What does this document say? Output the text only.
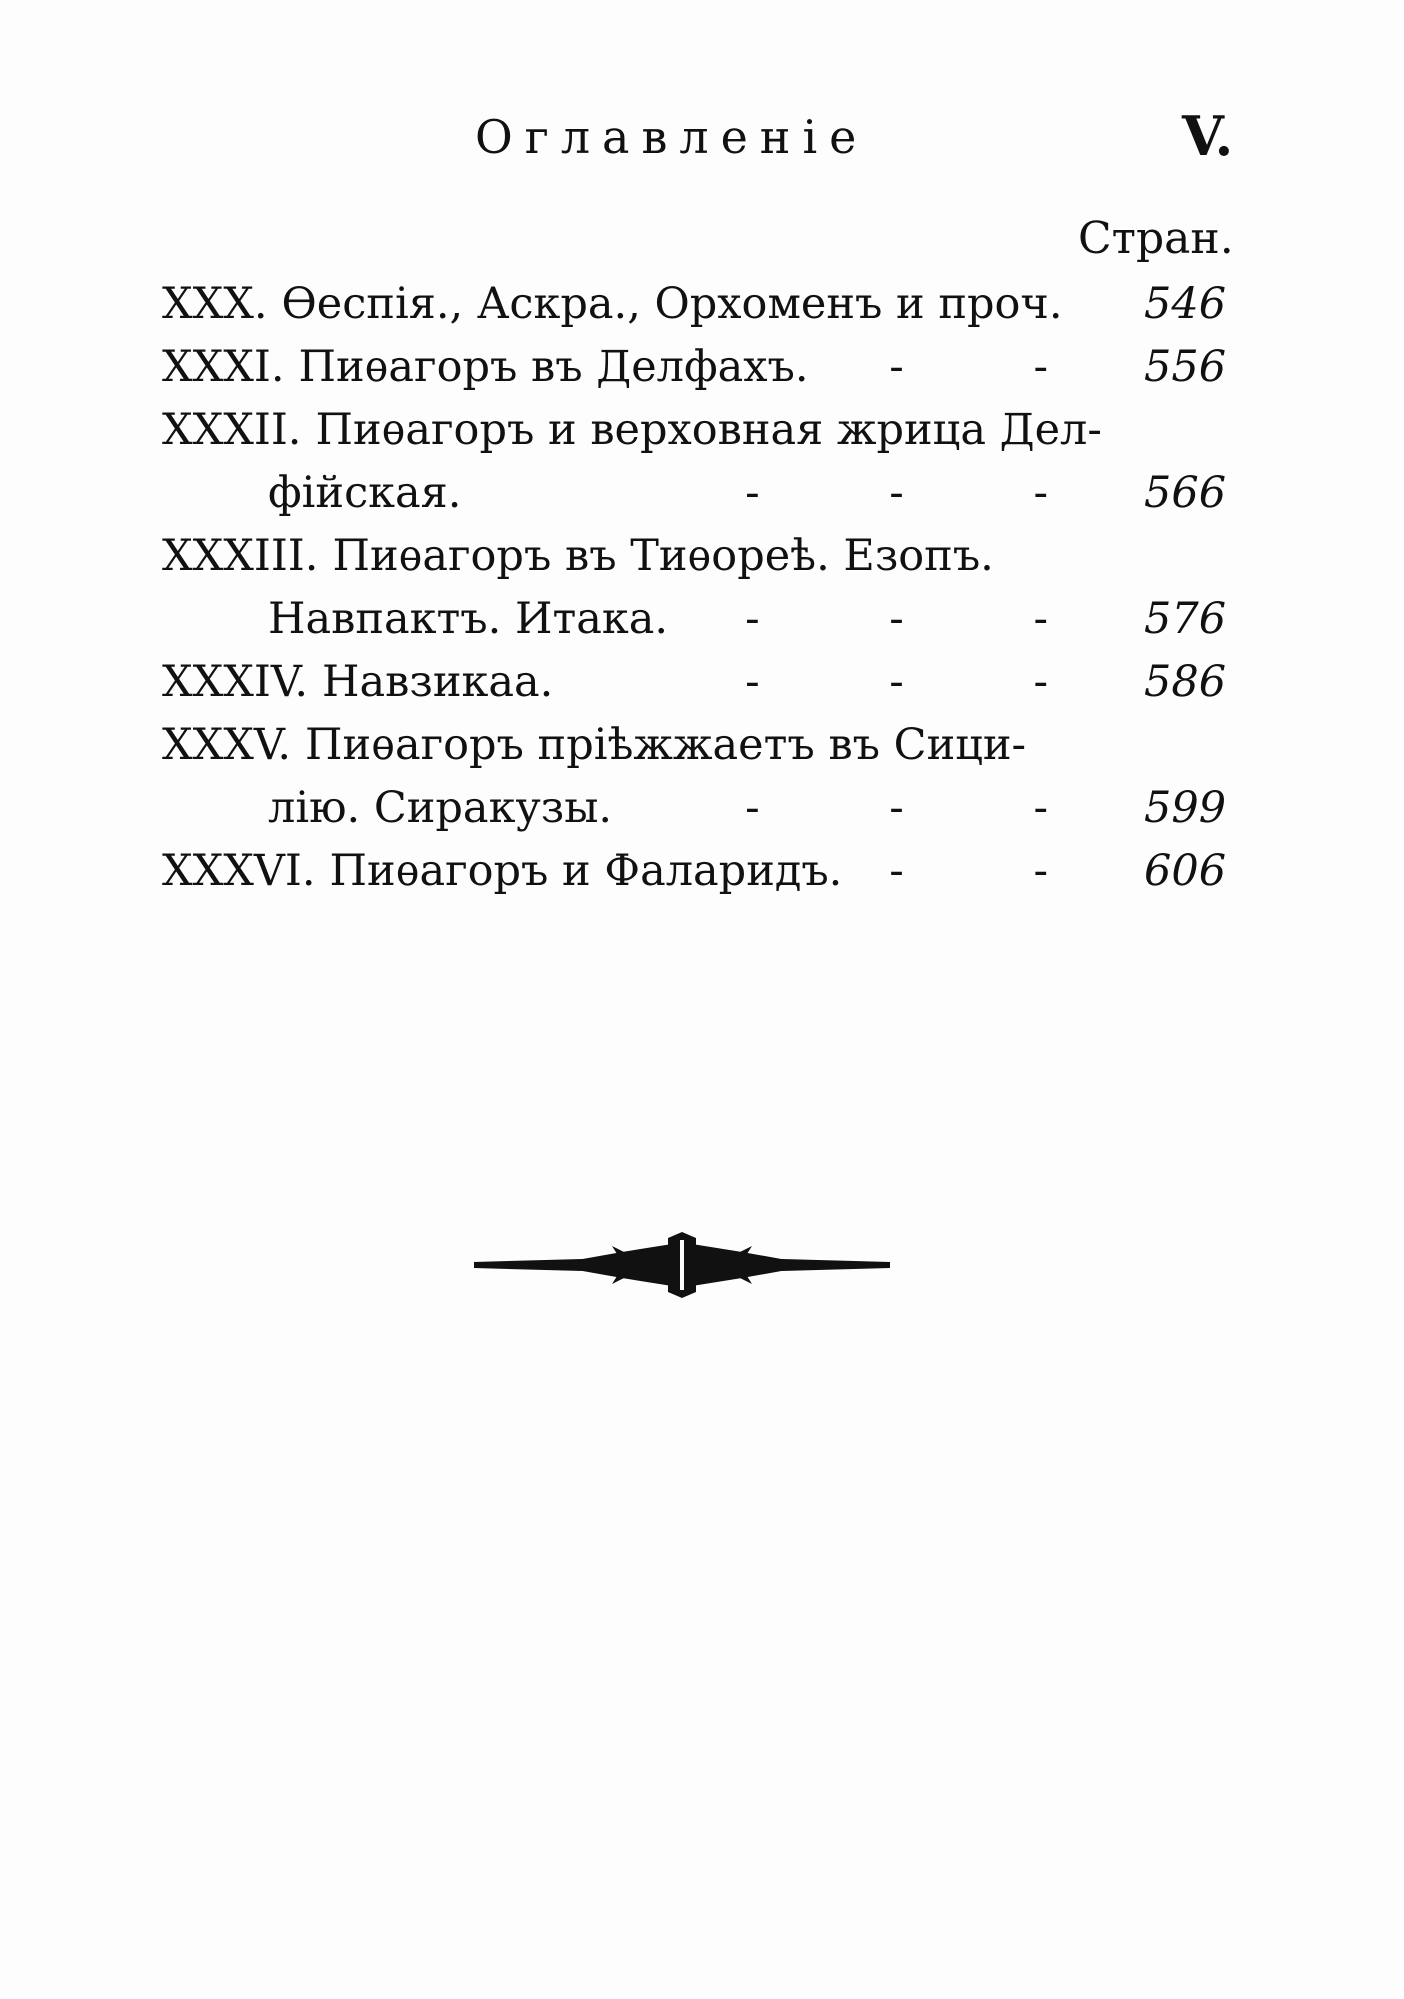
Оглавленіе	V.
Стран.
XXX. Ѳеспія., Аскра., Орхоменъ и проч. 546
XXXI. Пиѳагоръ въ Делфахъ.	- - 556
XXXII. Пиѳагоръ и верховная жрица Дел-
фійская.	- - - 566
XXXIII. Пиѳагоръ въ Тиѳореѣ. Езопъ.
Навпактъ. Итака.	- - - 576
XXXIV. Навзикаа.	- - - 586
XXXV. Пиѳагоръ пріѣжжаетъ въ Сици-
лію. Сиракузы.	- - - 599
XXXVI. Пиѳагоръ и Фаларидъ.	- - 606
